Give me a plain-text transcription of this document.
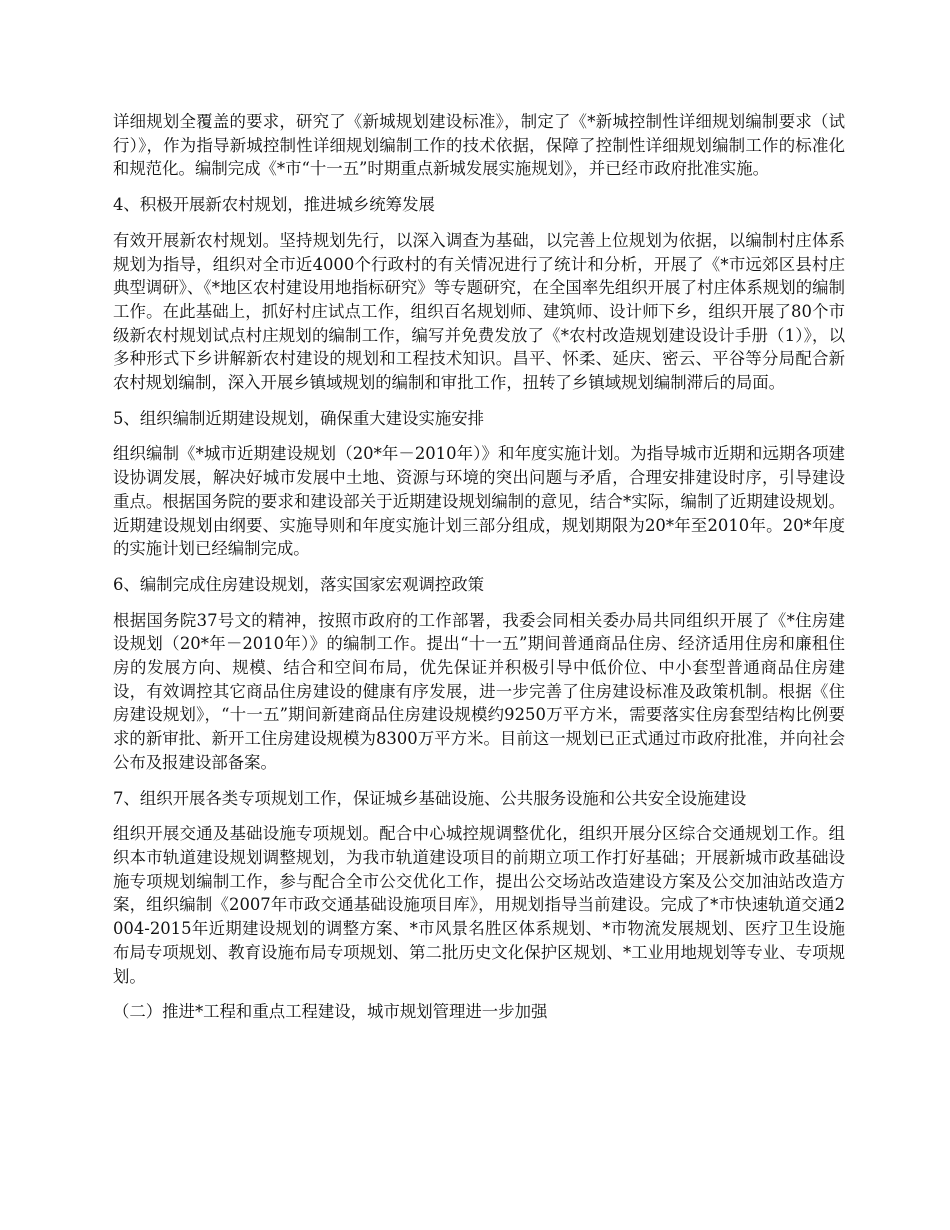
详细规划全覆盖的要求，研究了《新城规划建设标准》，制定了《*新城控制性详细规划编制要求（试行）》，作为指导新城控制性详细规划编制工作的技术依据，保障了控制性详细规划编制工作的标准化和规范化。编制完成《*市“十一五”时期重点新城发展实施规划》，并已经市政府批准实施。

4、积极开展新农村规划，推进城乡统筹发展

有效开展新农村规划。坚持规划先行，以深入调查为基础，以完善上位规划为依据，以编制村庄体系规划为指导，组织对全市近4000个行政村的有关情况进行了统计和分析，开展了《*市远郊区县村庄典型调研》、《*地区农村建设用地指标研究》等专题研究，在全国率先组织开展了村庄体系规划的编制工作。在此基础上，抓好村庄试点工作，组织百名规划师、建筑师、设计师下乡，组织开展了80个市级新农村规划试点村庄规划的编制工作，编写并免费发放了《*农村改造规划建设设计手册（1）》，以多种形式下乡讲解新农村建设的规划和工程技术知识。昌平、怀柔、延庆、密云、平谷等分局配合新农村规划编制，深入开展乡镇域规划的编制和审批工作，扭转了乡镇域规划编制滞后的局面。

5、组织编制近期建设规划，确保重大建设实施安排

组织编制《*城市近期建设规划（20*年－2010年）》和年度实施计划。为指导城市近期和远期各项建设协调发展，解决好城市发展中土地、资源与环境的突出问题与矛盾，合理安排建设时序，引导建设重点。根据国务院的要求和建设部关于近期建设规划编制的意见，结合*实际，编制了近期建设规划。近期建设规划由纲要、实施导则和年度实施计划三部分组成，规划期限为20*年至2010年。20*年度的实施计划已经编制完成。

6、编制完成住房建设规划，落实国家宏观调控政策

根据国务院37号文的精神，按照市政府的工作部署，我委会同相关委办局共同组织开展了《*住房建设规划（20*年－2010年）》的编制工作。提出“十一五”期间普通商品住房、经济适用住房和廉租住房的发展方向、规模、结合和空间布局，优先保证并积极引导中低价位、中小套型普通商品住房建设，有效调控其它商品住房建设的健康有序发展，进一步完善了住房建设标准及政策机制。根据《住房建设规划》，“十一五”期间新建商品住房建设规模约9250万平方米，需要落实住房套型结构比例要求的新审批、新开工住房建设规模为8300万平方米。目前这一规划已正式通过市政府批准，并向社会公布及报建设部备案。

7、组织开展各类专项规划工作，保证城乡基础设施、公共服务设施和公共安全设施建设

组织开展交通及基础设施专项规划。配合中心城控规调整优化，组织开展分区综合交通规划工作。组织本市轨道建设规划调整规划，为我市轨道建设项目的前期立项工作打好基础；开展新城市政基础设施专项规划编制工作，参与配合全市公交优化工作，提出公交场站改造建设方案及公交加油站改造方案，组织编制《2007年市政交通基础设施项目库》，用规划指导当前建设。完成了*市快速轨道交通2004-2015年近期建设规划的调整方案、*市风景名胜区体系规划、*市物流发展规划、医疗卫生设施布局专项规划、教育设施布局专项规划、第二批历史文化保护区规划、*工业用地规划等专业、专项规划。

（二）推进*工程和重点工程建设，城市规划管理进一步加强
